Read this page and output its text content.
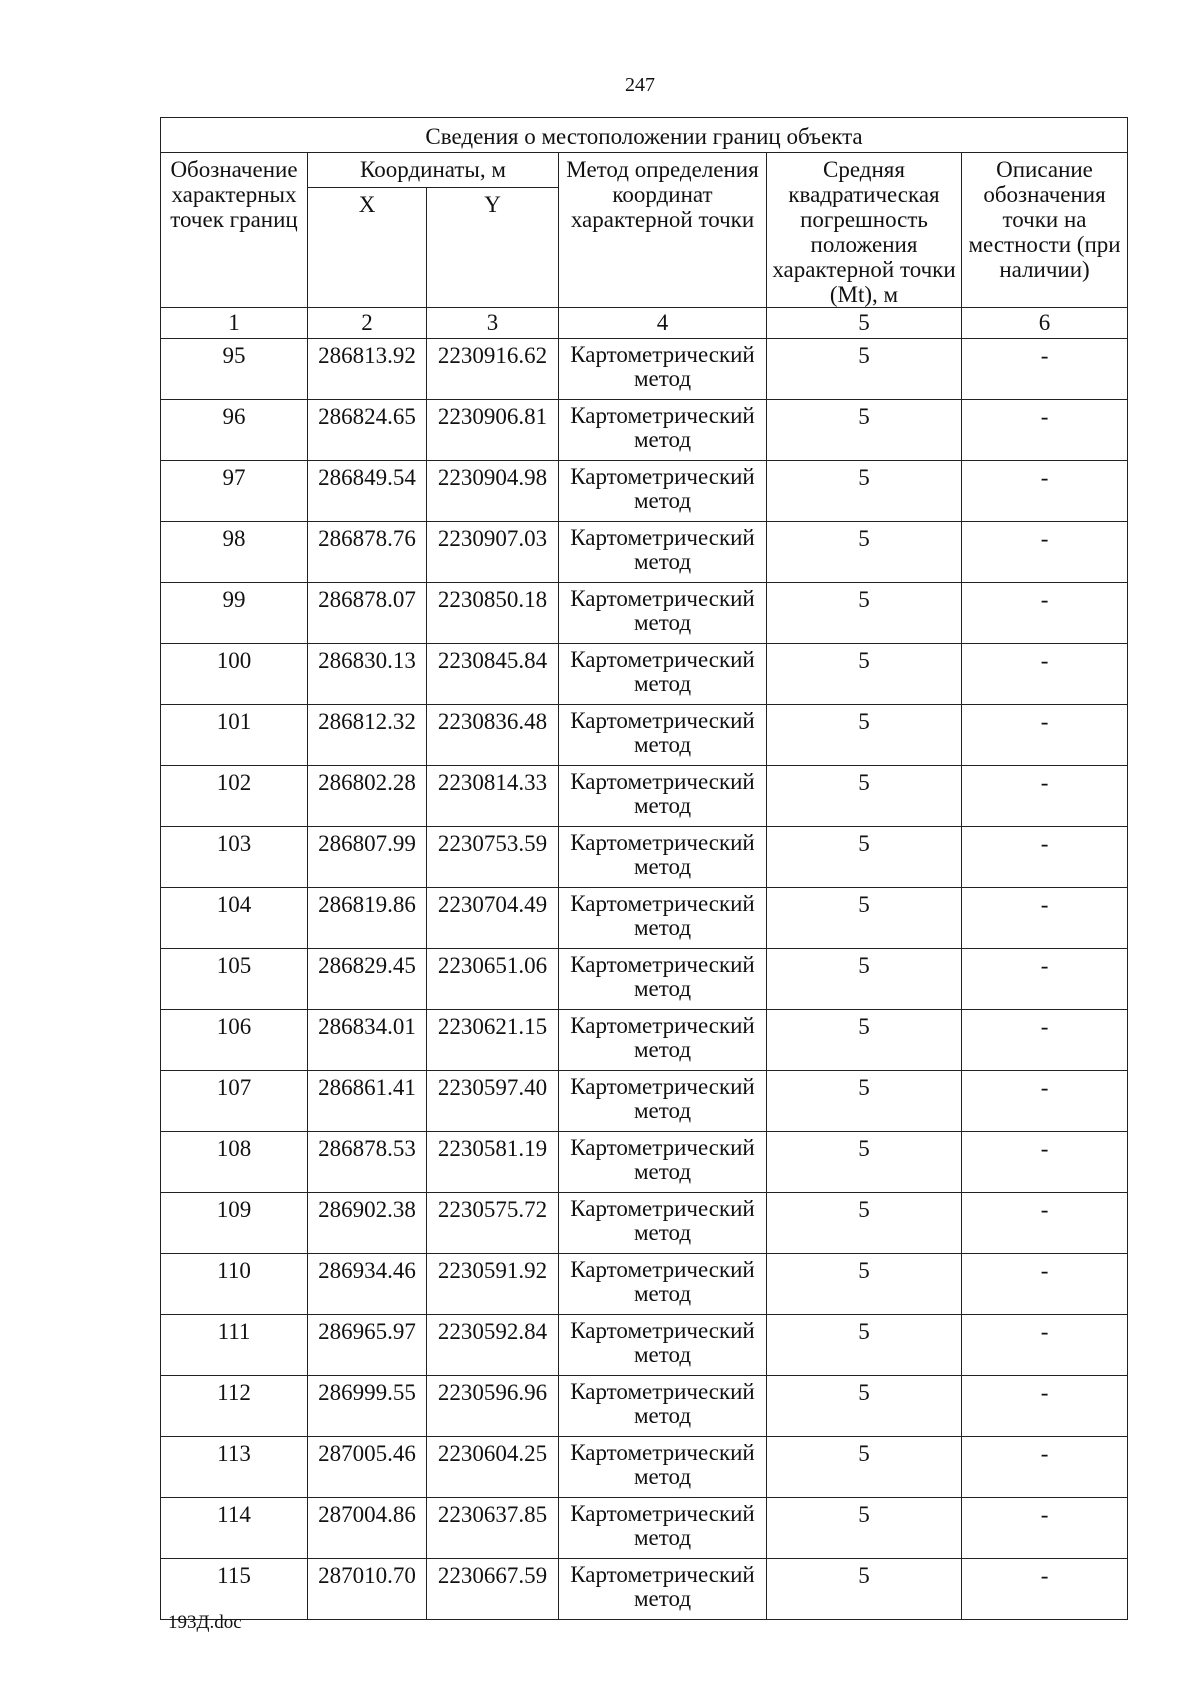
247
Сведения о местоположении границ объекта					
Обозначение характерных точек границ	Координаты, м		Метод определения координат характерной точки	Средняя квадратическая погрешность положения характерной точки (Mt), м	Описание обозначения точки на местности (при наличии)
	X	Y			
1	2	3	4	5	6
95	286813.92	2230916.62	Картометрический метод	5	-
96	286824.65	2230906.81	Картометрический метод	5	-
97	286849.54	2230904.98	Картометрический метод	5	-
98	286878.76	2230907.03	Картометрический метод	5	-
99	286878.07	2230850.18	Картометрический метод	5	-
100	286830.13	2230845.84	Картометрический метод	5	-
101	286812.32	2230836.48	Картометрический метод	5	-
102	286802.28	2230814.33	Картометрический метод	5	-
103	286807.99	2230753.59	Картометрический метод	5	-
104	286819.86	2230704.49	Картометрический метод	5	-
105	286829.45	2230651.06	Картометрический метод	5	-
106	286834.01	2230621.15	Картометрический метод	5	-
107	286861.41	2230597.40	Картометрический метод	5	-
108	286878.53	2230581.19	Картометрический метод	5	-
109	286902.38	2230575.72	Картометрический метод	5	-
110	286934.46	2230591.92	Картометрический метод	5	-
111	286965.97	2230592.84	Картометрический метод	5	-
112	286999.55	2230596.96	Картометрический метод	5	-
113	287005.46	2230604.25	Картометрический метод	5	-
114	287004.86	2230637.85	Картометрический метод	5	-
115	287010.70	2230667.59	Картометрический метод	5	-
193Д.doc
